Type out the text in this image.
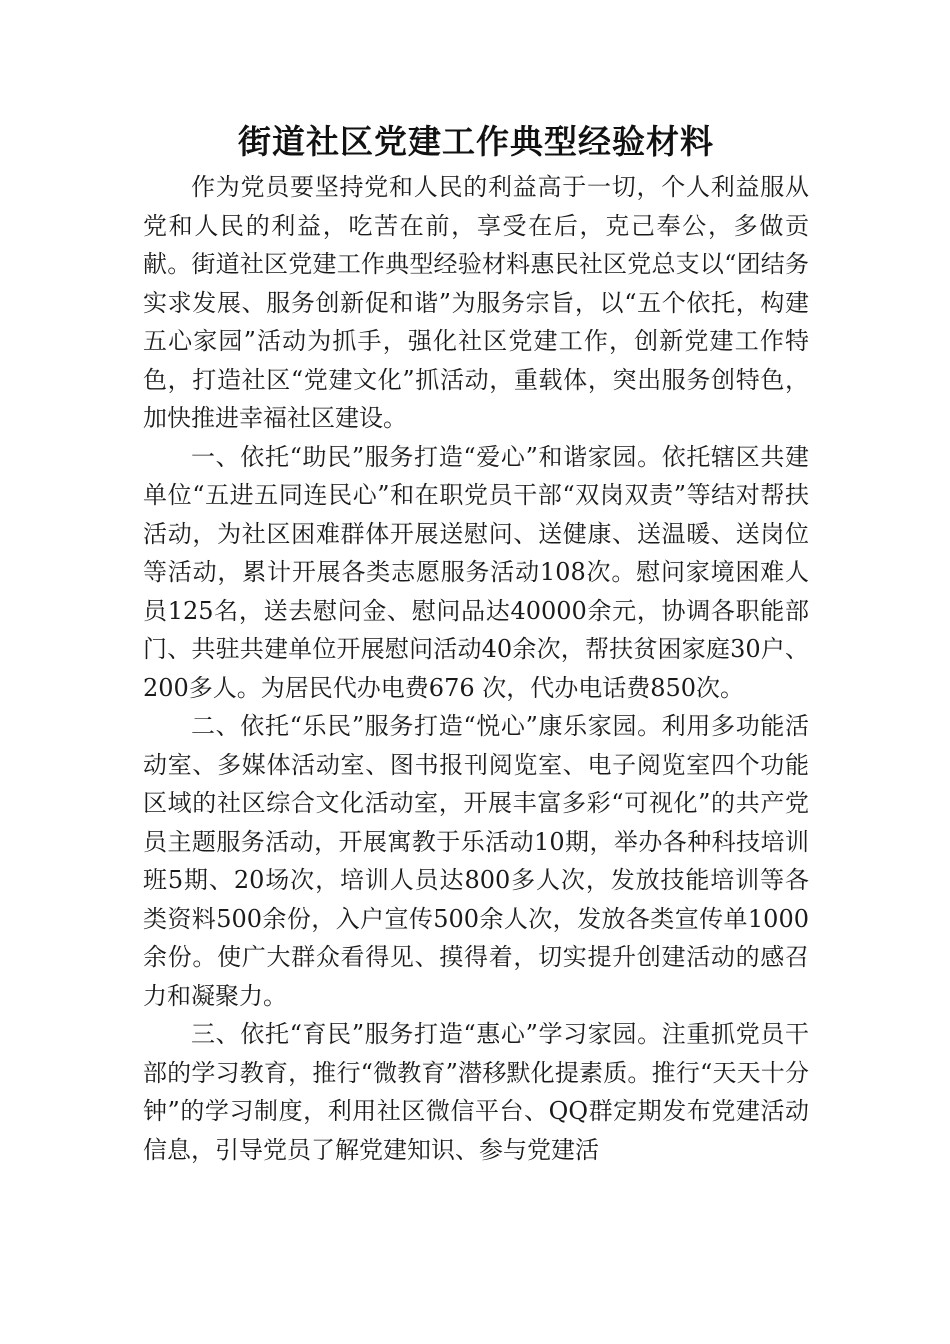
街道社区党建工作典型经验材料

作为党员要坚持党和人民的利益高于一切，个人利益服从党和人民的利益，吃苦在前，享受在后，克己奉公，多做贡献。街道社区党建工作典型经验材料惠民社区党总支以“团结务实求发展、服务创新促和谐”为服务宗旨，以“五个依托，构建五心家园”活动为抓手，强化社区党建工作，创新党建工作特色，打造社区“党建文化”抓活动，重载体，突出服务创特色，加快推进幸福社区建设。

一、依托“助民”服务打造“爱心”和谐家园。依托辖区共建单位“五进五同连民心”和在职党员干部“双岗双责”等结对帮扶活动，为社区困难群体开展送慰问、送健康、送温暖、送岗位等活动，累计开展各类志愿服务活动108次。慰问家境困难人员125名，送去慰问金、慰问品达40000余元，协调各职能部门、共驻共建单位开展慰问活动40余次，帮扶贫困家庭30户、200多人。为居民代办电费676 次，代办电话费850次。

二、依托“乐民”服务打造“悦心”康乐家园。利用多功能活动室、多媒体活动室、图书报刊阅览室、电子阅览室四个功能区域的社区综合文化活动室，开展丰富多彩“可视化”的共产党员主题服务活动，开展寓教于乐活动10期，举办各种科技培训班5期、20场次，培训人员达800多人次，发放技能培训等各类资料500余份，入户宣传500余人次，发放各类宣传单1000余份。使广大群众看得见、摸得着，切实提升创建活动的感召力和凝聚力。

三、依托“育民”服务打造“惠心”学习家园。注重抓党员干部的学习教育，推行“微教育”潜移默化提素质。推行“天天十分钟”的学习制度，利用社区微信平台、QQ群定期发布党建活动信息，引导党员了解党建知识、参与党建活
